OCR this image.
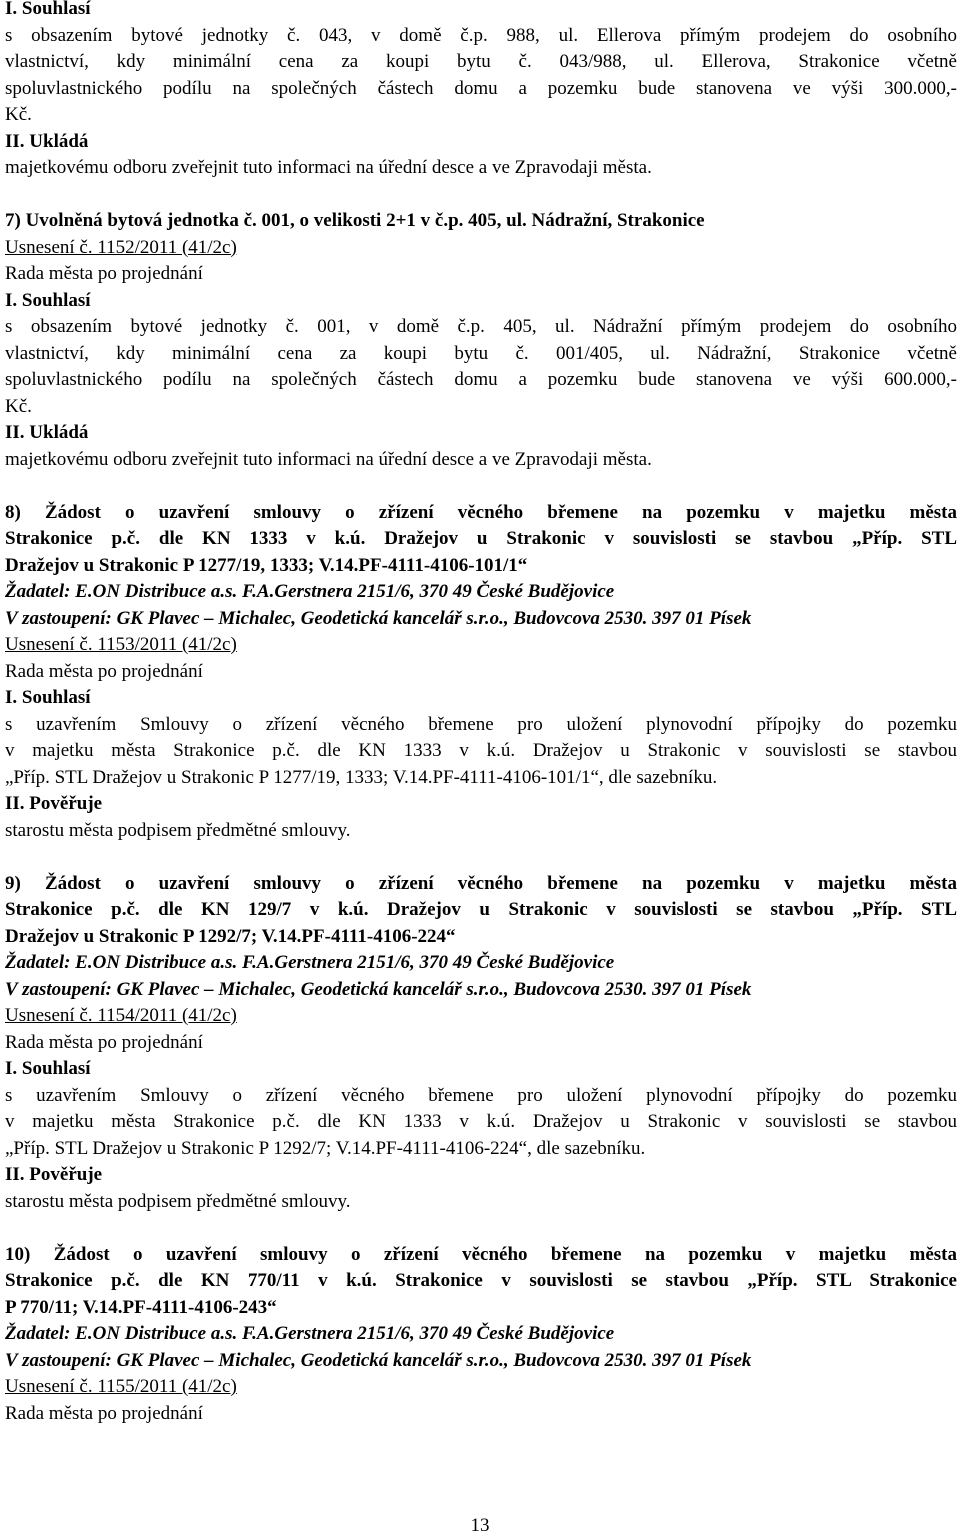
I. Souhlasí
s obsazením bytové jednotky č. 043, v domě č.p. 988, ul. Ellerova přímým prodejem do osobního
vlastnictví, kdy minimální cena za koupi bytu č. 043/988, ul. Ellerova, Strakonice včetně
spoluvlastnického podílu na společných částech domu a pozemku bude stanovena ve výši 300.000,-
Kč.
II. Ukládá
majetkovému odboru zveřejnit tuto informaci na úřední desce a ve Zpravodaji města.
7) Uvolněná bytová jednotka č. 001, o velikosti 2+1 v č.p. 405, ul. Nádražní, Strakonice
Usnesení č. 1152/2011 (41/2c)
Rada města po projednání
I. Souhlasí
s obsazením bytové jednotky č. 001, v domě č.p. 405, ul. Nádražní přímým prodejem do osobního
vlastnictví, kdy minimální cena za koupi bytu č. 001/405, ul. Nádražní, Strakonice včetně
spoluvlastnického podílu na společných částech domu a pozemku bude stanovena ve výši 600.000,-
Kč.
II. Ukládá
majetkovému odboru zveřejnit tuto informaci na úřední desce a ve Zpravodaji města.
8) Žádost o uzavření smlouvy o zřízení věcného břemene na pozemku v majetku města
Strakonice p.č. dle KN 1333 v k.ú. Dražejov u Strakonic v souvislosti se stavbou „Příp. STL
Dražejov u Strakonic P 1277/19, 1333; V.14.PF-4111-4106-101/1“
Žadatel: E.ON Distribuce a.s. F.A.Gerstnera 2151/6, 370 49 České Budějovice
V zastoupení: GK Plavec – Michalec, Geodetická kancelář s.r.o., Budovcova 2530. 397 01 Písek
Usnesení č. 1153/2011 (41/2c)
Rada města po projednání
I. Souhlasí
s uzavřením Smlouvy o zřízení věcného břemene pro uložení plynovodní přípojky do pozemku
v majetku města Strakonice p.č. dle KN 1333 v k.ú. Dražejov u Strakonic v souvislosti se stavbou
„Příp. STL Dražejov u Strakonic P 1277/19, 1333; V.14.PF-4111-4106-101/1“, dle sazebníku.
II. Pověřuje
starostu města podpisem předmětné smlouvy.
9) Žádost o uzavření smlouvy o zřízení věcného břemene na pozemku v majetku města
Strakonice p.č. dle KN 129/7 v k.ú. Dražejov u Strakonic v souvislosti se stavbou „Příp. STL
Dražejov u Strakonic P 1292/7; V.14.PF-4111-4106-224“
Žadatel: E.ON Distribuce a.s. F.A.Gerstnera 2151/6, 370 49 České Budějovice
V zastoupení: GK Plavec – Michalec, Geodetická kancelář s.r.o., Budovcova 2530. 397 01 Písek
Usnesení č. 1154/2011 (41/2c)
Rada města po projednání
I. Souhlasí
s uzavřením Smlouvy o zřízení věcného břemene pro uložení plynovodní přípojky do pozemku
v majetku města Strakonice p.č. dle KN 1333 v k.ú. Dražejov u Strakonic v souvislosti se stavbou
„Příp. STL Dražejov u Strakonic P 1292/7; V.14.PF-4111-4106-224“, dle sazebníku.
II. Pověřuje
starostu města podpisem předmětné smlouvy.
10) Žádost o uzavření smlouvy o zřízení věcného břemene na pozemku v majetku města
Strakonice p.č. dle KN 770/11 v k.ú. Strakonice v souvislosti se stavbou „Příp. STL Strakonice
P 770/11; V.14.PF-4111-4106-243“
Žadatel: E.ON Distribuce a.s. F.A.Gerstnera 2151/6, 370 49 České Budějovice
V zastoupení: GK Plavec – Michalec, Geodetická kancelář s.r.o., Budovcova 2530. 397 01 Písek
Usnesení č. 1155/2011 (41/2c)
Rada města po projednání
13
